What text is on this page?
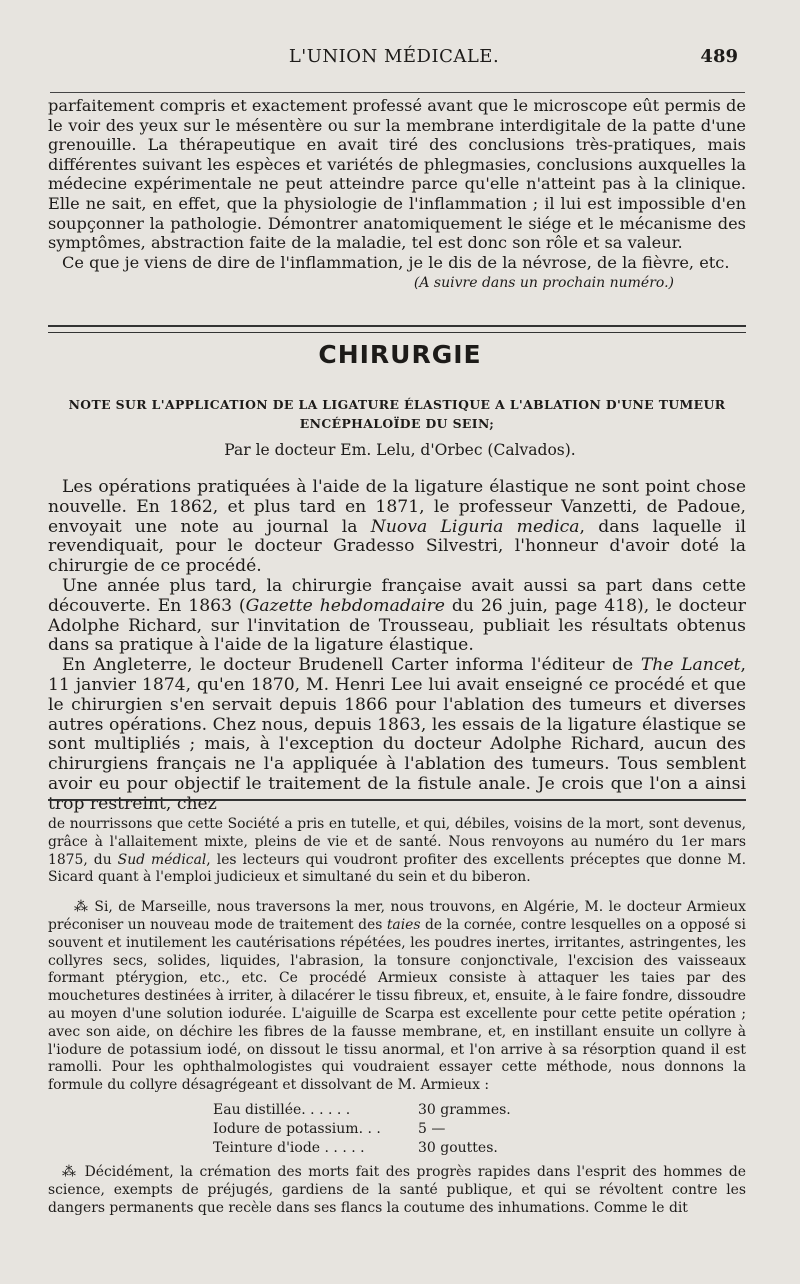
L'UNION MÉDICALE.	489

parfaitement compris et exactement professé avant que le microscope eût permis de le voir des yeux sur le mésentère ou sur la membrane interdigitale de la patte d'une grenouille. La thérapeutique en avait tiré des conclusions très-pratiques, mais différentes suivant les espèces et variétés de phlegmasies, conclusions auxquelles la médecine expérimentale ne peut atteindre parce qu'elle n'atteint pas à la clinique. Elle ne sait, en effet, que la physiologie de l'inflammation ; il lui est impossible d'en soupçonner la pathologie. Démontrer anatomiquement le siége et le mécanisme des symptômes, abstraction faite de la maladie, tel est donc son rôle et sa valeur.

Ce que je viens de dire de l'inflammation, je le dis de la névrose, de la fièvre, etc.

(A suivre dans un prochain numéro.)

CHIRURGIE
NOTE SUR L'APPLICATION DE LA LIGATURE ÉLASTIQUE A L'ABLATION D'UNE TUMEUR ENCÉPHALOÏDE DU SEIN;
Par le docteur Em. Lelu, d'Orbec (Calvados).

Les opérations pratiquées à l'aide de la ligature élastique ne sont point chose nouvelle. En 1862, et plus tard en 1871, le professeur Vanzetti, de Padoue, envoyait une note au journal la Nuova Liguria medica, dans laquelle il revendiquait, pour le docteur Gradesso Silvestri, l'honneur d'avoir doté la chirurgie de ce procédé.

Une année plus tard, la chirurgie française avait aussi sa part dans cette découverte. En 1863 (Gazette hebdomadaire du 26 juin, page 418), le docteur Adolphe Richard, sur l'invitation de Trousseau, publiait les résultats obtenus dans sa pratique à l'aide de la ligature élastique.

En Angleterre, le docteur Brudenell Carter informa l'éditeur de The Lancet, 11 janvier 1874, qu'en 1870, M. Henri Lee lui avait enseigné ce procédé et que le chirurgien s'en servait depuis 1866 pour l'ablation des tumeurs et diverses autres opérations. Chez nous, depuis 1863, les essais de la ligature élastique se sont multipliés ; mais, à l'exception du docteur Adolphe Richard, aucun des chirurgiens français ne l'a appliquée à l'ablation des tumeurs. Tous semblent avoir eu pour objectif le traitement de la fistule anale. Je crois que l'on a ainsi trop restreint, chez

de nourrissons que cette Société a pris en tutelle, et qui, débiles, voisins de la mort, sont devenus, grâce à l'allaitement mixte, pleins de vie et de santé. Nous renvoyons au numéro du 1er mars 1875, du Sud médical, les lecteurs qui voudront profiter des excellents préceptes que donne M. Sicard quant à l'emploi judicieux et simultané du sein et du biberon.

⁂ Si, de Marseille, nous traversons la mer, nous trouvons, en Algérie, M. le docteur Armieux préconiser un nouveau mode de traitement des taies de la cornée, contre lesquelles on a opposé si souvent et inutilement les cautérisations répétées, les poudres inertes, irritantes, astringentes, les collyres secs, solides, liquides, l'abrasion, la tonsure conjonctivale, l'excision des vaisseaux formant ptérygion, etc., etc. Ce procédé Armieux consiste à attaquer les taies par des mouchetures destinées à irriter, à dilacérer le tissu fibreux, et, ensuite, à le faire fondre, dissoudre au moyen d'une solution iodurée. L'aiguille de Scarpa est excellente pour cette petite opération ; avec son aide, on déchire les fibres de la fausse membrane, et, en instillant ensuite un collyre à l'iodure de potassium iodé, on dissout le tissu anormal, et l'on arrive à sa résorption quand il est ramolli. Pour les ophthalmologistes qui voudraient essayer cette méthode, nous donnons la formule du collyre désagrégeant et dissolvant de M. Armieux :

Eau distillée. . . . . .	30 grammes.
Iodure de potassium. . .	5 —
Teinture d'iode . . . . .	30 gouttes.

⁂ Décidément, la crémation des morts fait des progrès rapides dans l'esprit des hommes de science, exempts de préjugés, gardiens de la santé publique, et qui se révoltent contre les dangers permanents que recèle dans ses flancs la coutume des inhumations. Comme le dit
